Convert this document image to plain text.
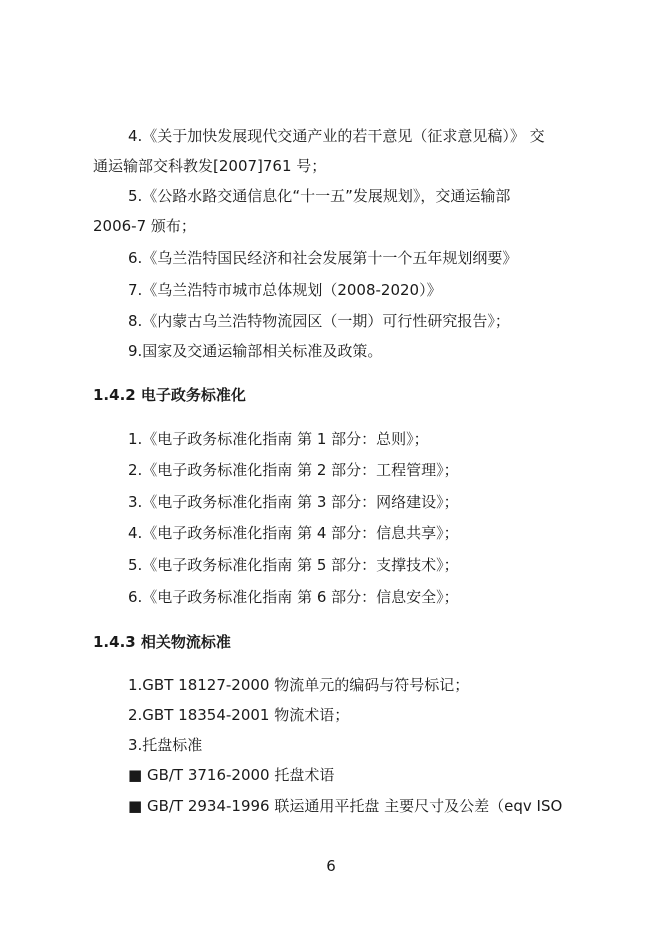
4.《关于加快发展现代交通产业的若干意见（征求意见稿）》 交
通运输部交科教发[2007]761 号；
5.《公路水路交通信息化“十一五”发展规划》，交通运输部
2006-7 颁布；
6.《乌兰浩特国民经济和社会发展第十一个五年规划纲要》
7.《乌兰浩特市城市总体规划（2008-2020）》
8.《内蒙古乌兰浩特物流园区（一期）可行性研究报告》；
9.国家及交通运输部相关标准及政策。
1.4.2 电子政务标准化
1.《电子政务标准化指南 第 1 部分：总则》；
2.《电子政务标准化指南 第 2 部分：工程管理》；
3.《电子政务标准化指南 第 3 部分：网络建设》；
4.《电子政务标准化指南 第 4 部分：信息共享》；
5.《电子政务标准化指南 第 5 部分：支撑技术》；
6.《电子政务标准化指南 第 6 部分：信息安全》；
1.4.3 相关物流标准
1.GBT 18127-2000 物流单元的编码与符号标记；
2.GBT 18354-2001 物流术语；
3.托盘标准
■ GB/T 3716-2000 托盘术语
■ GB/T 2934-1996 联运通用平托盘 主要尺寸及公差（eqv ISO
6
